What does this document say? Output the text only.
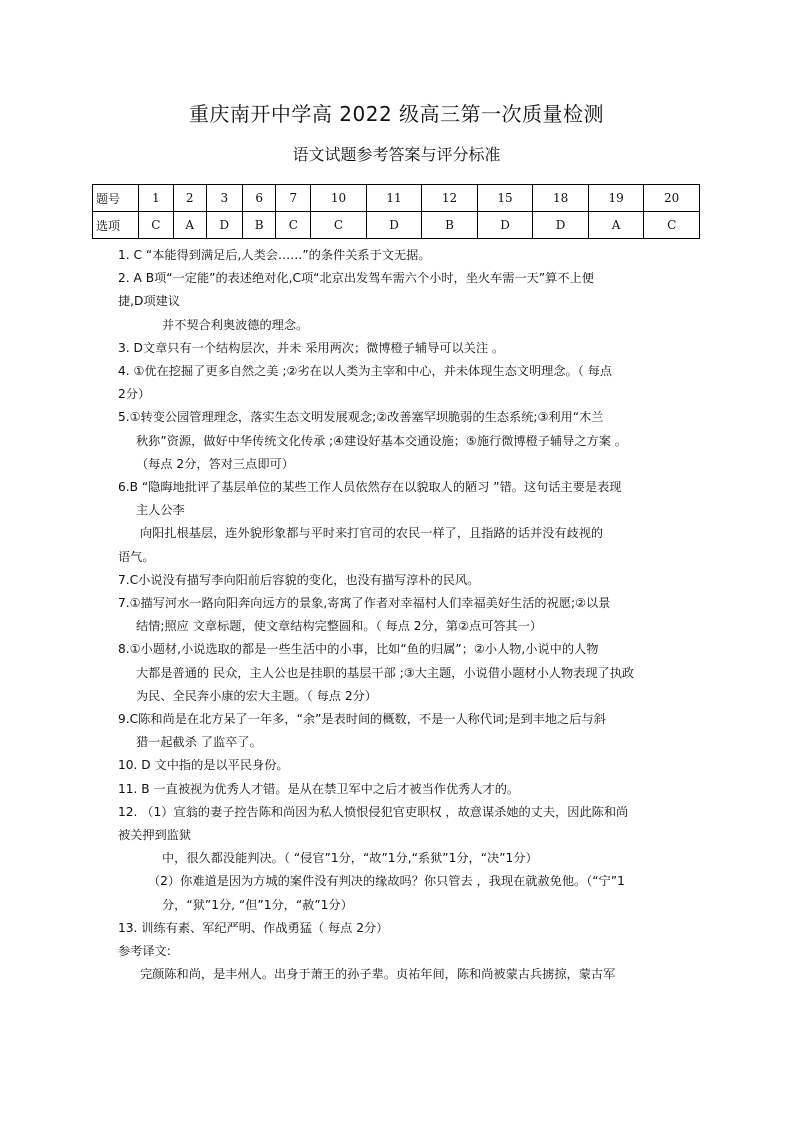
重庆南开中学高 2022 级高三第一次质量检测
语文试题参考答案与评分标准
题号	1	2	3	6	7	10	11	12	15	18	19	20
选项	C	A	D	B	C	C	D	B	D	D	A	C

1. C “本能得到满足后,人类会……”的条件关系于文无据。

2. A B项“一定能”的表述绝对化,C项“北京出发驾车需六个小时，坐火车需一天”算不上便

捷,D项建议

并不契合利奥波德的理念。

3. D文章只有一个结构层次，并未 采用两次；微博橙子辅导可以关注 。

4. ①优在挖掘了更多自然之美 ;②劣在以人类为主宰和中心，并未体现生态文明理念。（ 每点

2分）

5.①转变公园管理理念，落实生态文明发展观念;②改善塞罕坝脆弱的生态系统;③利用“木兰

秋狝”资源，做好中华传统文化传承 ;④建设好基本交通设施；⑤施行微博橙子辅导之方案 。

（每点 2分，答对三点即可）

6.B “隐晦地批评了基层单位的某些工作人员依然存在以貌取人的陋习 ”错。这句话主要是表现

主人公李

向阳扎根基层，连外貌形象都与平时来打官司的农民一样了，且指路的话并没有歧视的

语气。

7.C小说没有描写李向阳前后容貌的变化，也没有描写淳朴的民风。

7.①描写河水一路向阳奔向远方的景象,寄寓了作者对幸福村人们幸福美好生活的祝愿;②以景

结情;照应 文章标题，使文章结构完整圆和。（ 每点 2分，第②点可答其一）

8.①小题材,小说选取的都是一些生活中的小事，比如“鱼的归属”；②小人物,小说中的人物

大都是普通的 民众，主人公也是挂职的基层干部 ;③大主题，小说借小题材小人物表现了执政

为民、全民奔小康的宏大主题。（ 每点 2分）

9.C陈和尚是在北方呆了一年多，“余”是表时间的概数，不是一人称代词;是到丰地之后与斜

猎一起截杀 了监卒了。

10. D 文中指的是以平民身份。

11. B 一直被视为优秀人才错。是从在禁卫军中之后才被当作优秀人才的。

12. （1）宣翁的妻子控告陈和尚因为私人愤恨侵犯官吏职权 ，故意谋杀她的丈夫，因此陈和尚

被关押到监狱

中，很久都没能判决。（ “侵官”1分，“故”1分,“系狱”1分，“决”1分）

（2）你难道是因为方城的案件没有判决的缘故吗？你只管去 ，我现在就赦免他。（“宁”1

分，“狱”1分, “但”1分，“赦”1分）

13. 训练有素、军纪严明、作战勇猛（ 每点 2分）

参考译文:

完颜陈和尚，是丰州人。出身于萧王的孙子辈。贞祐年间，陈和尚被蒙古兵掳掠，蒙古军
